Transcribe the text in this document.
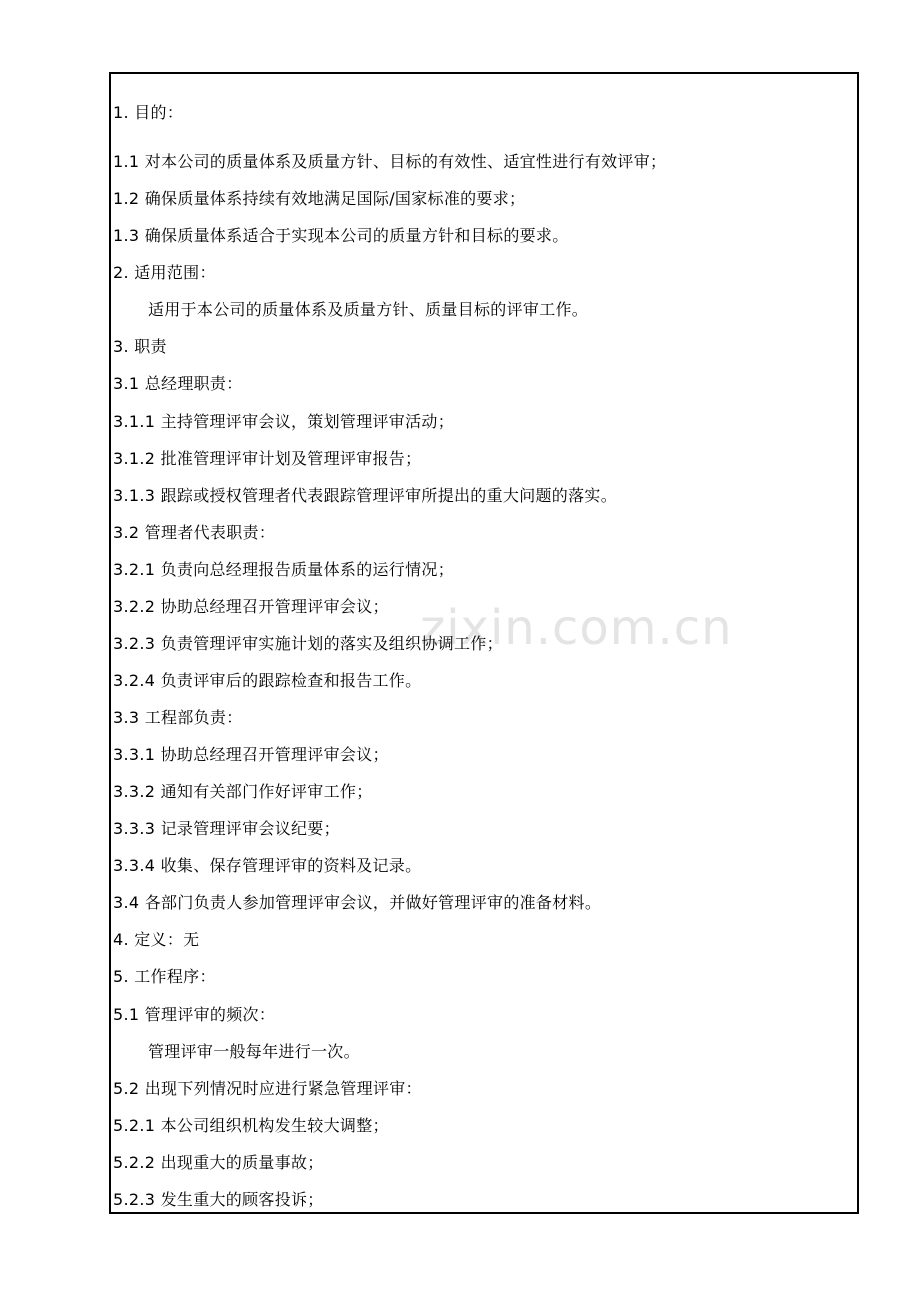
zixin.com.cn
1. 目的：
1.1 对本公司的质量体系及质量方针、目标的有效性、适宜性进行有效评审；
1.2 确保质量体系持续有效地满足国际/国家标准的要求；
1.3 确保质量体系适合于实现本公司的质量方针和目标的要求。
2. 适用范围：
适用于本公司的质量体系及质量方针、质量目标的评审工作。
3. 职责
3.1 总经理职责：
3.1.1 主持管理评审会议，策划管理评审活动；
3.1.2 批准管理评审计划及管理评审报告；
3.1.3 跟踪或授权管理者代表跟踪管理评审所提出的重大问题的落实。
3.2 管理者代表职责：
3.2.1 负责向总经理报告质量体系的运行情况；
3.2.2 协助总经理召开管理评审会议；
3.2.3 负责管理评审实施计划的落实及组织协调工作；
3.2.4 负责评审后的跟踪检查和报告工作。
3.3 工程部负责：
3.3.1 协助总经理召开管理评审会议；
3.3.2 通知有关部门作好评审工作；
3.3.3 记录管理评审会议纪要；
3.3.4 收集、保存管理评审的资料及记录。
3.4 各部门负责人参加管理评审会议，并做好管理评审的准备材料。
4. 定义：无
5. 工作程序：
5.1 管理评审的频次：
管理评审一般每年进行一次。
5.2 出现下列情况时应进行紧急管理评审：
5.2.1 本公司组织机构发生较大调整；
5.2.2 出现重大的质量事故；
5.2.3 发生重大的顾客投诉；
